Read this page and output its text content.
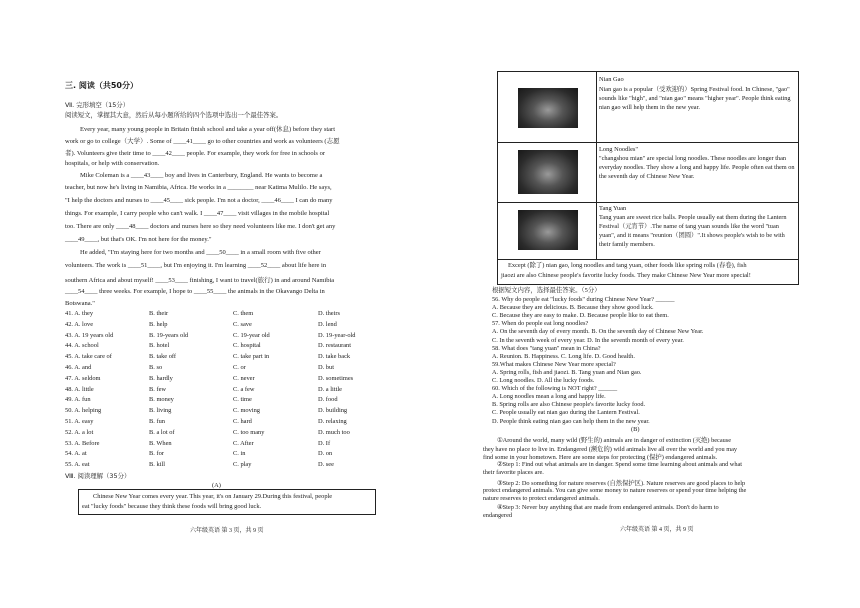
三. 阅读（共50分）
Ⅶ. 完形填空（15分）
阅读短文，掌握其大意，然后从每小题所给的四个选项中选出一个最佳答案。
Every year, many young people in Britain finish school and take a year off(休息) before they start
work or go to college（大学）. Some of ____41____ go to other countries and work as volunteers (志愿
者). Volunteers give their time to ____42____ people. For example, they work for free in schools or
hospitals, or help with conservation.
Mike Coleman is a ____43____ boy and lives in Canterbury, England. He wants to become a
teacher, but now he's living in Namibia, Africa. He works in a ________ near Katima Mulilo. He says,
"I help the doctors and nurses to ____45____ sick people. I'm not a doctor, ____46____ I can do many
things. For example, I carry people who can't walk. I ____47____ visit villages in the mobile hospital
too. There are only ____48____ doctors and nurses here so they need volunteers like me. I don't get any
____49____, but that's OK. I'm not here for the money."
He added, "I'm staying here for two months and ____50____ in a small room with five other
volunteers. The work is ____51____, but I'm enjoying it. I'm learning ____52____ about life here in
southern Africa and about myself! ____53____ finishing, I want to travel(旅行) in and around Namibia
____54____ three weeks. For example, I hope to ____55____ the animals in the Okavango Delta in
Botswana."
41. A. they	B. their	C. them	D. theirs
42. A. love	B. help	C. save	D. lend
43. A. 19 years old	B. 19-years old	C. 19-year old	D. 19-year-old
44. A. school	B. hotel	C. hospital	D. restaurant
45. A. take care of	B. take off	C. take part in	D. take back
46. A. and	B. so	C. or	D. but
47. A. seldom	B. hardly	C. never	D. sometimes
48. A. little	B. few	C. a few	D. a little
49. A. fun	B. money	C. time	D. food
50. A. helping	B. living	C. moving	D. building
51. A. easy	B. fun	C. hard	D. relaxing
52. A. a lot	B. a lot of	C. too many	D. much too
53. A. Before	B. When	C. After	D. If
54. A. at	B. for	C. in	D. on
55. A. eat	B. kill	C. play	D. see
Ⅷ. 阅读理解（35分）
(A)
Chinese New Year comes every year. This year, it's on January 29.During this festival, people
eat "lucky foods" because they think these foods will bring good luck.
六年级英语 第 3 页，共 9 页
Nian Gao
Nian gao is a popular（受欢迎的）Spring Festival food. In Chinese, "gao" sounds like "high", and "nian gao" means "higher year". People think eating nian gao will help them in the new year.
Long Noodles"
"changshou mian" are special long noodles. These noodles are longer than everyday noodles. They show a long and happy life. People often eat them on the seventh day of Chinese New Year.
Tang Yuan
Tang yuan are sweet rice balls. People usually eat them during the Lantern Festival（元宵节）.The name of tang yuan sounds like the word "tuan yuan", and it means "reunion（团圆）".It shows people's wish to be with their family members.
Except (除了) nian gao, long noodles and tang yuan, other foods like spring rolls (春卷), fish
jiaozi are also Chinese people's favorite lucky foods. They make Chinese New Year more special!
根据短文内容，选择最佳答案。（5分）
56. Why do people eat "lucky foods" during Chinese New Year? ______
A. Because they are delicious. B. Because they show good luck.
C. Because they are easy to make. D. Because people like to eat them.
57. When do people eat long noodles?
A. On the seventh day of every month. B. On the seventh day of Chinese New Year.
C. In the seventh week of every year. D. In the seventh month of every year.
58. What does "tang yuan" mean in China?
A. Reunion. B. Happiness. C. Long life. D. Good health.
59.What makes Chinese New Year more special?
A. Spring rolls, fish and jiaozi. B. Tang yuan and Nian gao.
C. Long noodles. D. All the lucky foods.
60. Which of the following is NOT right? ______
A. Long noodles mean a long and happy life.
B. Spring rolls are also Chinese people's favorite lucky food.
C. People usually eat nian gao during the Lantern Festival.
D. People think eating nian gao can help them in the new year.
(B)
①Around the world, many wild (野生的) animals are in danger of extinction (灭绝) because
they have no place to live in. Endangered (濒危的) wild animals live all over the world and you may
find some in your hometown. Here are some steps for protecting (保护) endangered animals.
②Step 1: Find out what animals are in danger. Spend some time learning about animals and what
their favorite places are.
③Step 2: Do something for nature reserves (自然保护区). Nature reserves are good places to help
protect endangered animals. You can give some money to nature reserves or spend your time helping the
nature reserves to protect endangered animals.
④Step 3: Never buy anything that are made from endangered animals. Don't do harm to
endangered
六年级英语 第 4 页，共 9 页
